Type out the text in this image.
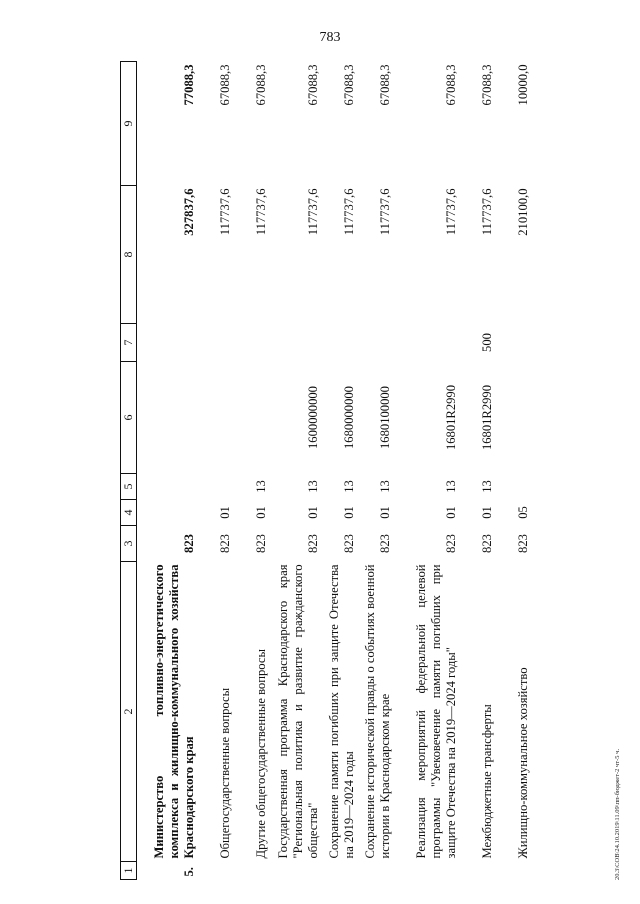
783
20.3\СОВ\24.10.2019\11.09\пп-бюджет-2 чт-5 ч.
1	2	3	4	5	6	7	8	9
5.	Министерство топливно-энергетического комплекса и жилищно-коммунального хозяйства Краснодарского края	823					327837,6	77088,3
	Общегосударственные вопросы	823	01				117737,6	67088,3
	Другие общегосударственные вопросы	823	01	13			117737,6	67088,3
	Государственная программа Краснодарского края "Региональная политика и развитие гражданского общества"	823	01	13	1600000000		117737,6	67088,3
	Сохранение памяти погибших при защите Отечества на 2019—2024 годы	823	01	13	1680000000		117737,6	67088,3
	Сохранение исторической правды о событиях военной истории в Краснодарском крае	823	01	13	1680100000		117737,6	67088,3
	Реализация мероприятий федеральной целевой программы "Увековечение памяти погибших при защите Отечества на 2019—2024 годы"	823	01	13	16801R2990		117737,6	67088,3
	Межбюджетные трансферты	823	01	13	16801R2990	500	117737,6	67088,3
	Жилищно-коммунальное хозяйство	823	05				210100,0	10000,0
